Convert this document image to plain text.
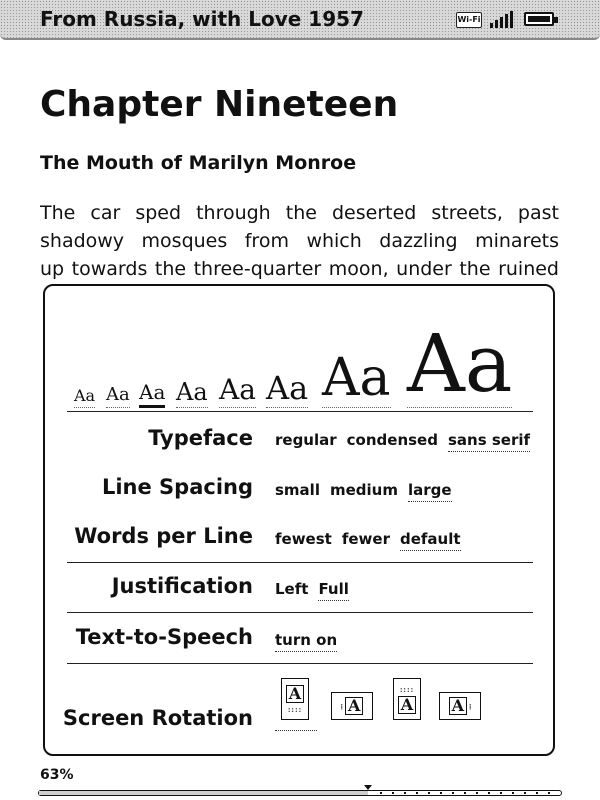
From Russia, with Love 1957	Wi-Fi
Chapter Nineteen
The Mouth of Marilyn Monroe
The car sped through the deserted streets, past
shadowy mosques from which dazzling minarets
up towards the three-quarter moon, under the ruined
Aa Aa Aa Aa Aa Aa Aa Aa
Typeface regular condensed sans serif
Line Spacing small medium large
Words per Line fewest fewer default
Justification Left Full
Text-to-Speech turn on
Screen Rotation
A
::::	⁞ A
::::
A A ⁞
63%
